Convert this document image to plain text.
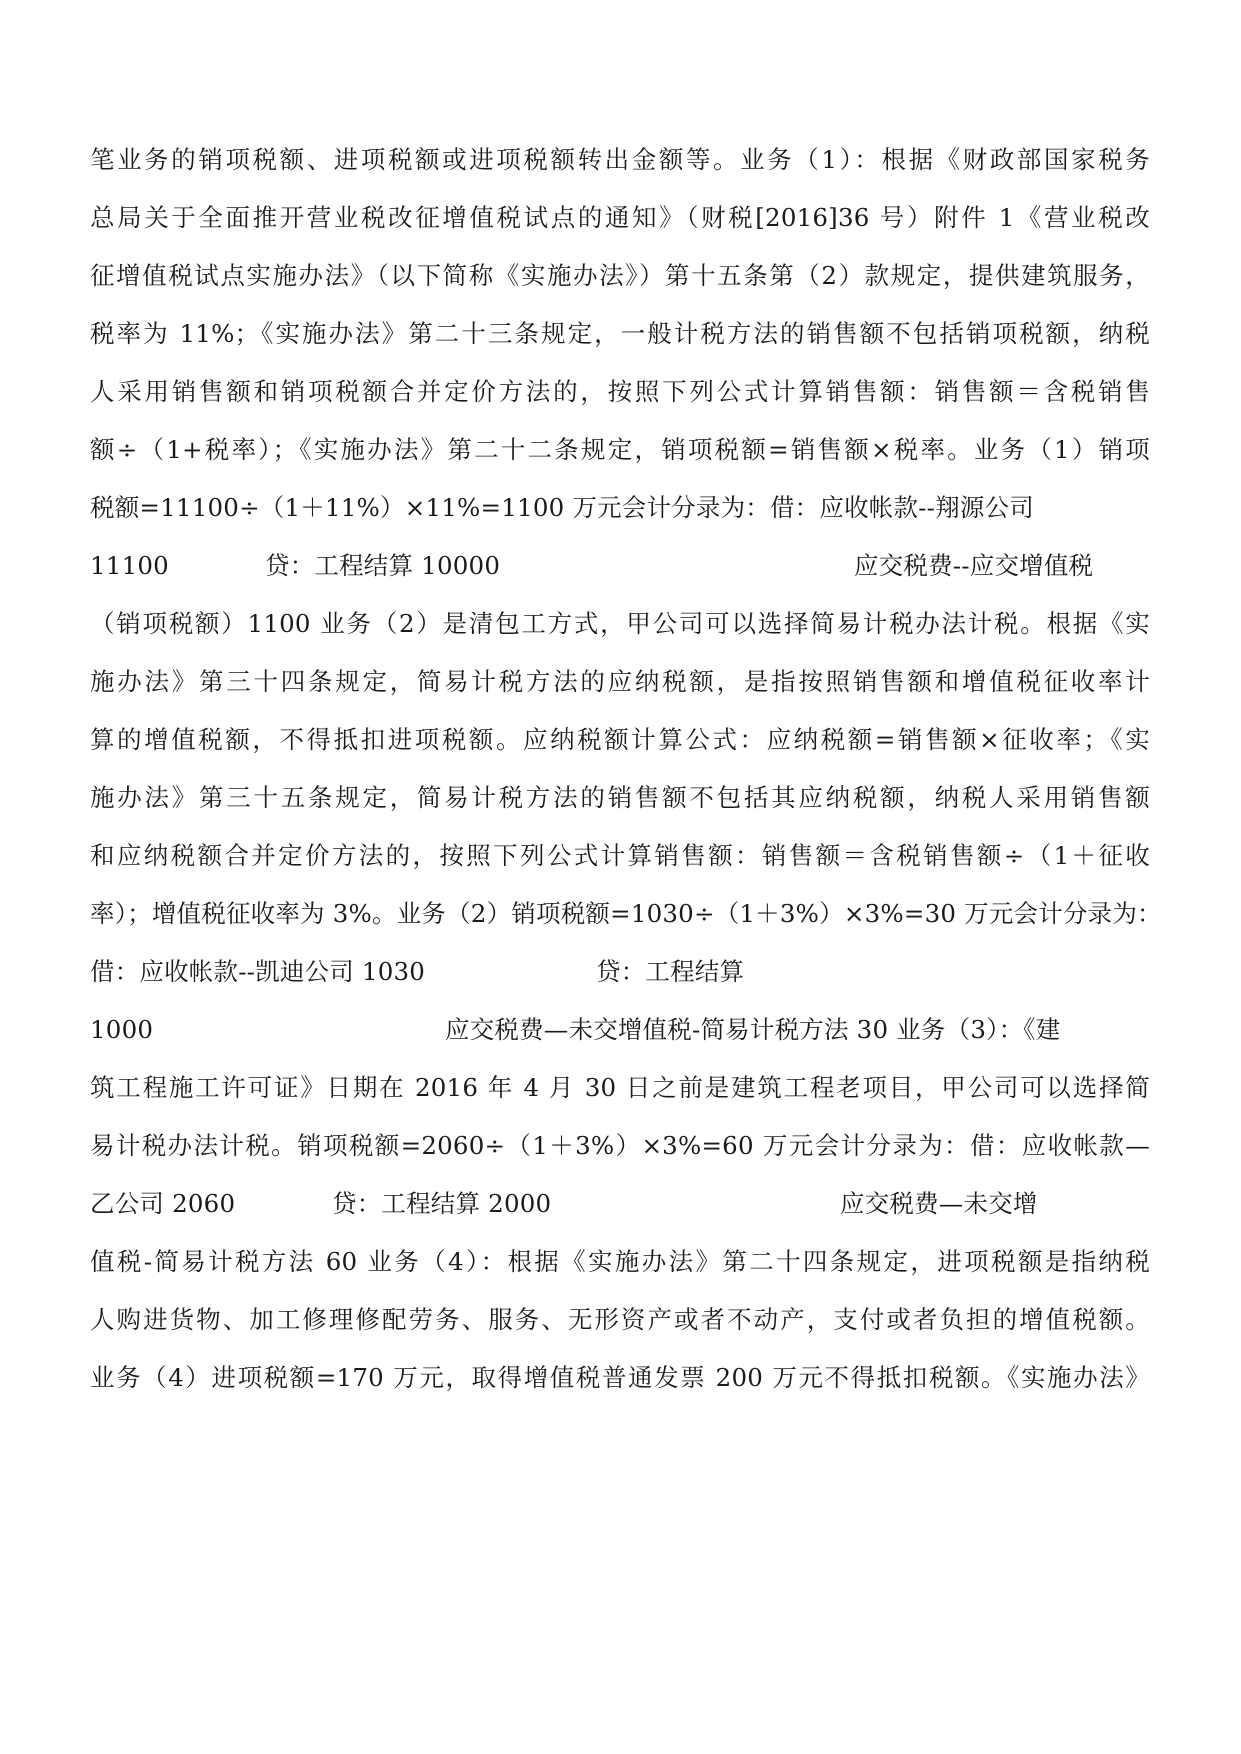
笔业务的销项税额、进项税额或进项税额转出金额等。业务（1）：根据《财政部国家税务
总局关于全面推开营业税改征增值税试点的通知》（财税[2016]36 号）附件 1《营业税改
征增值税试点实施办法》（以下简称《实施办法》）第十五条第（2）款规定，提供建筑服务，
税率为 11%；《实施办法》第二十三条规定，一般计税方法的销售额不包括销项税额，纳税
人采用销售额和销项税额合并定价方法的，按照下列公式计算销售额：销售额＝含税销售
额÷（1+税率）；《实施办法》第二十二条规定，销项税额=销售额×税率。业务（1）销项
税额=11100÷（1＋11%）×11%=1100 万元会计分录为：借：应收帐款--翔源公司
11100	贷：工程结算 10000	应交税费--应交增值税
（销项税额）1100 业务（2）是清包工方式，甲公司可以选择简易计税办法计税。根据《实
施办法》第三十四条规定，简易计税方法的应纳税额，是指按照销售额和增值税征收率计
算的增值税额，不得抵扣进项税额。应纳税额计算公式：应纳税额=销售额×征收率；《实
施办法》第三十五条规定，简易计税方法的销售额不包括其应纳税额，纳税人采用销售额
和应纳税额合并定价方法的，按照下列公式计算销售额：销售额＝含税销售额÷（1＋征收
率）；增值税征收率为 3%。业务（2）销项税额=1030÷（1＋3%）×3%=30 万元会计分录为：
借：应收帐款--凯迪公司 1030	贷：工程结算
1000	应交税费—未交增值税-简易计税方法 30 业务（3）：《建
筑工程施工许可证》日期在 2016 年 4 月 30 日之前是建筑工程老项目，甲公司可以选择简
易计税办法计税。销项税额=2060÷（1＋3%）×3%=60 万元会计分录为：借：应收帐款—
乙公司 2060	贷：工程结算 2000	应交税费—未交增
值税-简易计税方法 60 业务（4）：根据《实施办法》第二十四条规定，进项税额是指纳税
人购进货物、加工修理修配劳务、服务、无形资产或者不动产，支付或者负担的增值税额。
业务（4）进项税额=170 万元，取得增值税普通发票 200 万元不得抵扣税额。《实施办法》
